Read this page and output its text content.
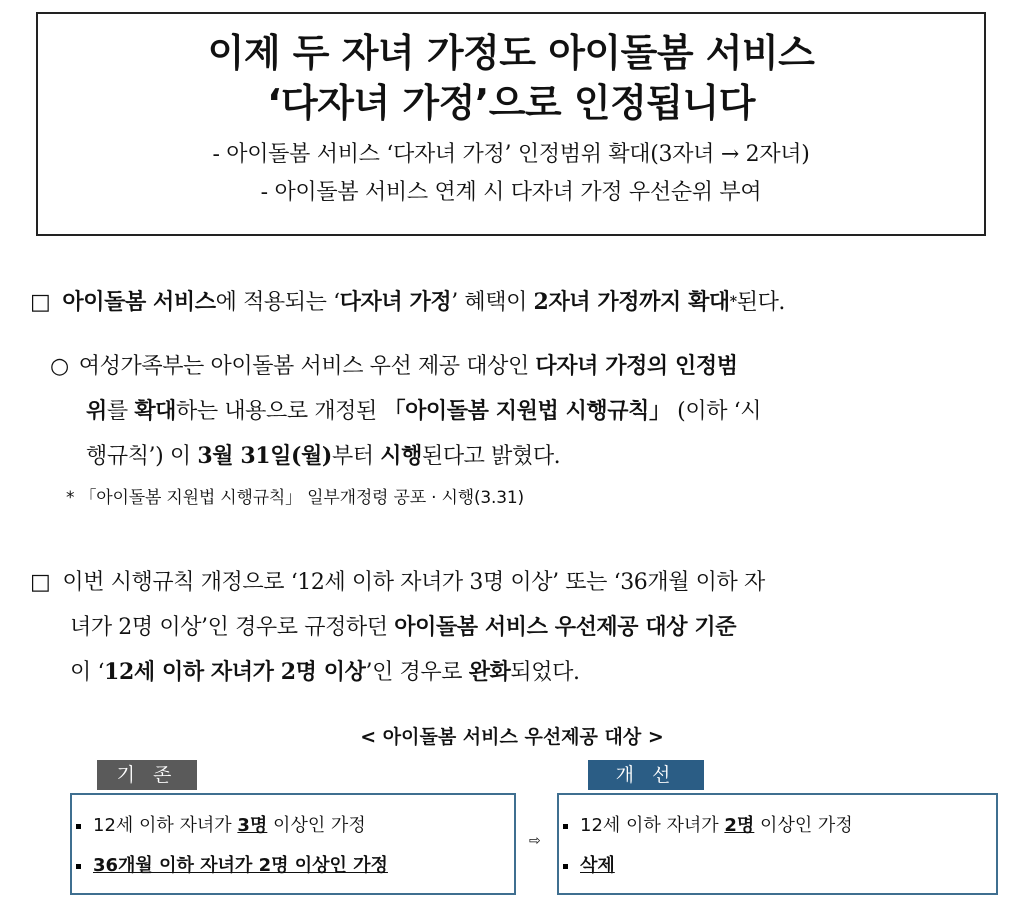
이제 두 자녀 가정도 아이돌봄 서비스
‘다자녀 가정’으로 인정됩니다
- 아이돌봄 서비스 ‘다자녀 가정’ 인정범위 확대(3자녀 → 2자녀)
- 아이돌봄 서비스 연계 시 다자녀 가정 우선순위 부여
□ 아이돌봄 서비스에 적용되는 ‘다자녀 가정’ 혜택이 2자녀 가정까지 확대*된다.
○ 여성가족부는 아이돌봄 서비스 우선 제공 대상인 다자녀 가정의 인정범
위를 확대하는 내용으로 개정된 「아이돌봄 지원법 시행규칙」 (이하 ‘시
행규칙’) 이 3월 31일(월)부터 시행된다고 밝혔다.
* 「아이돌봄 지원법 시행규칙」 일부개정령 공포 · 시행(3.31)
□ 이번 시행규칙 개정으로 ‘12세 이하 자녀가 3명 이상’ 또는 ‘36개월 이하 자
녀가 2명 이상’인 경우로 규정하던 아이돌봄 서비스 우선제공 대상 기준
이 ‘12세 이하 자녀가 2명 이상’인 경우로 완화되었다.
< 아이돌봄 서비스 우선제공 대상 >
기 존	개 선
12세 이하 자녀가 3명 이상인 가정
36개월 이하 자녀가 2명 이상인 가정
⇨
12세 이하 자녀가 2명 이상인 가정
삭제
